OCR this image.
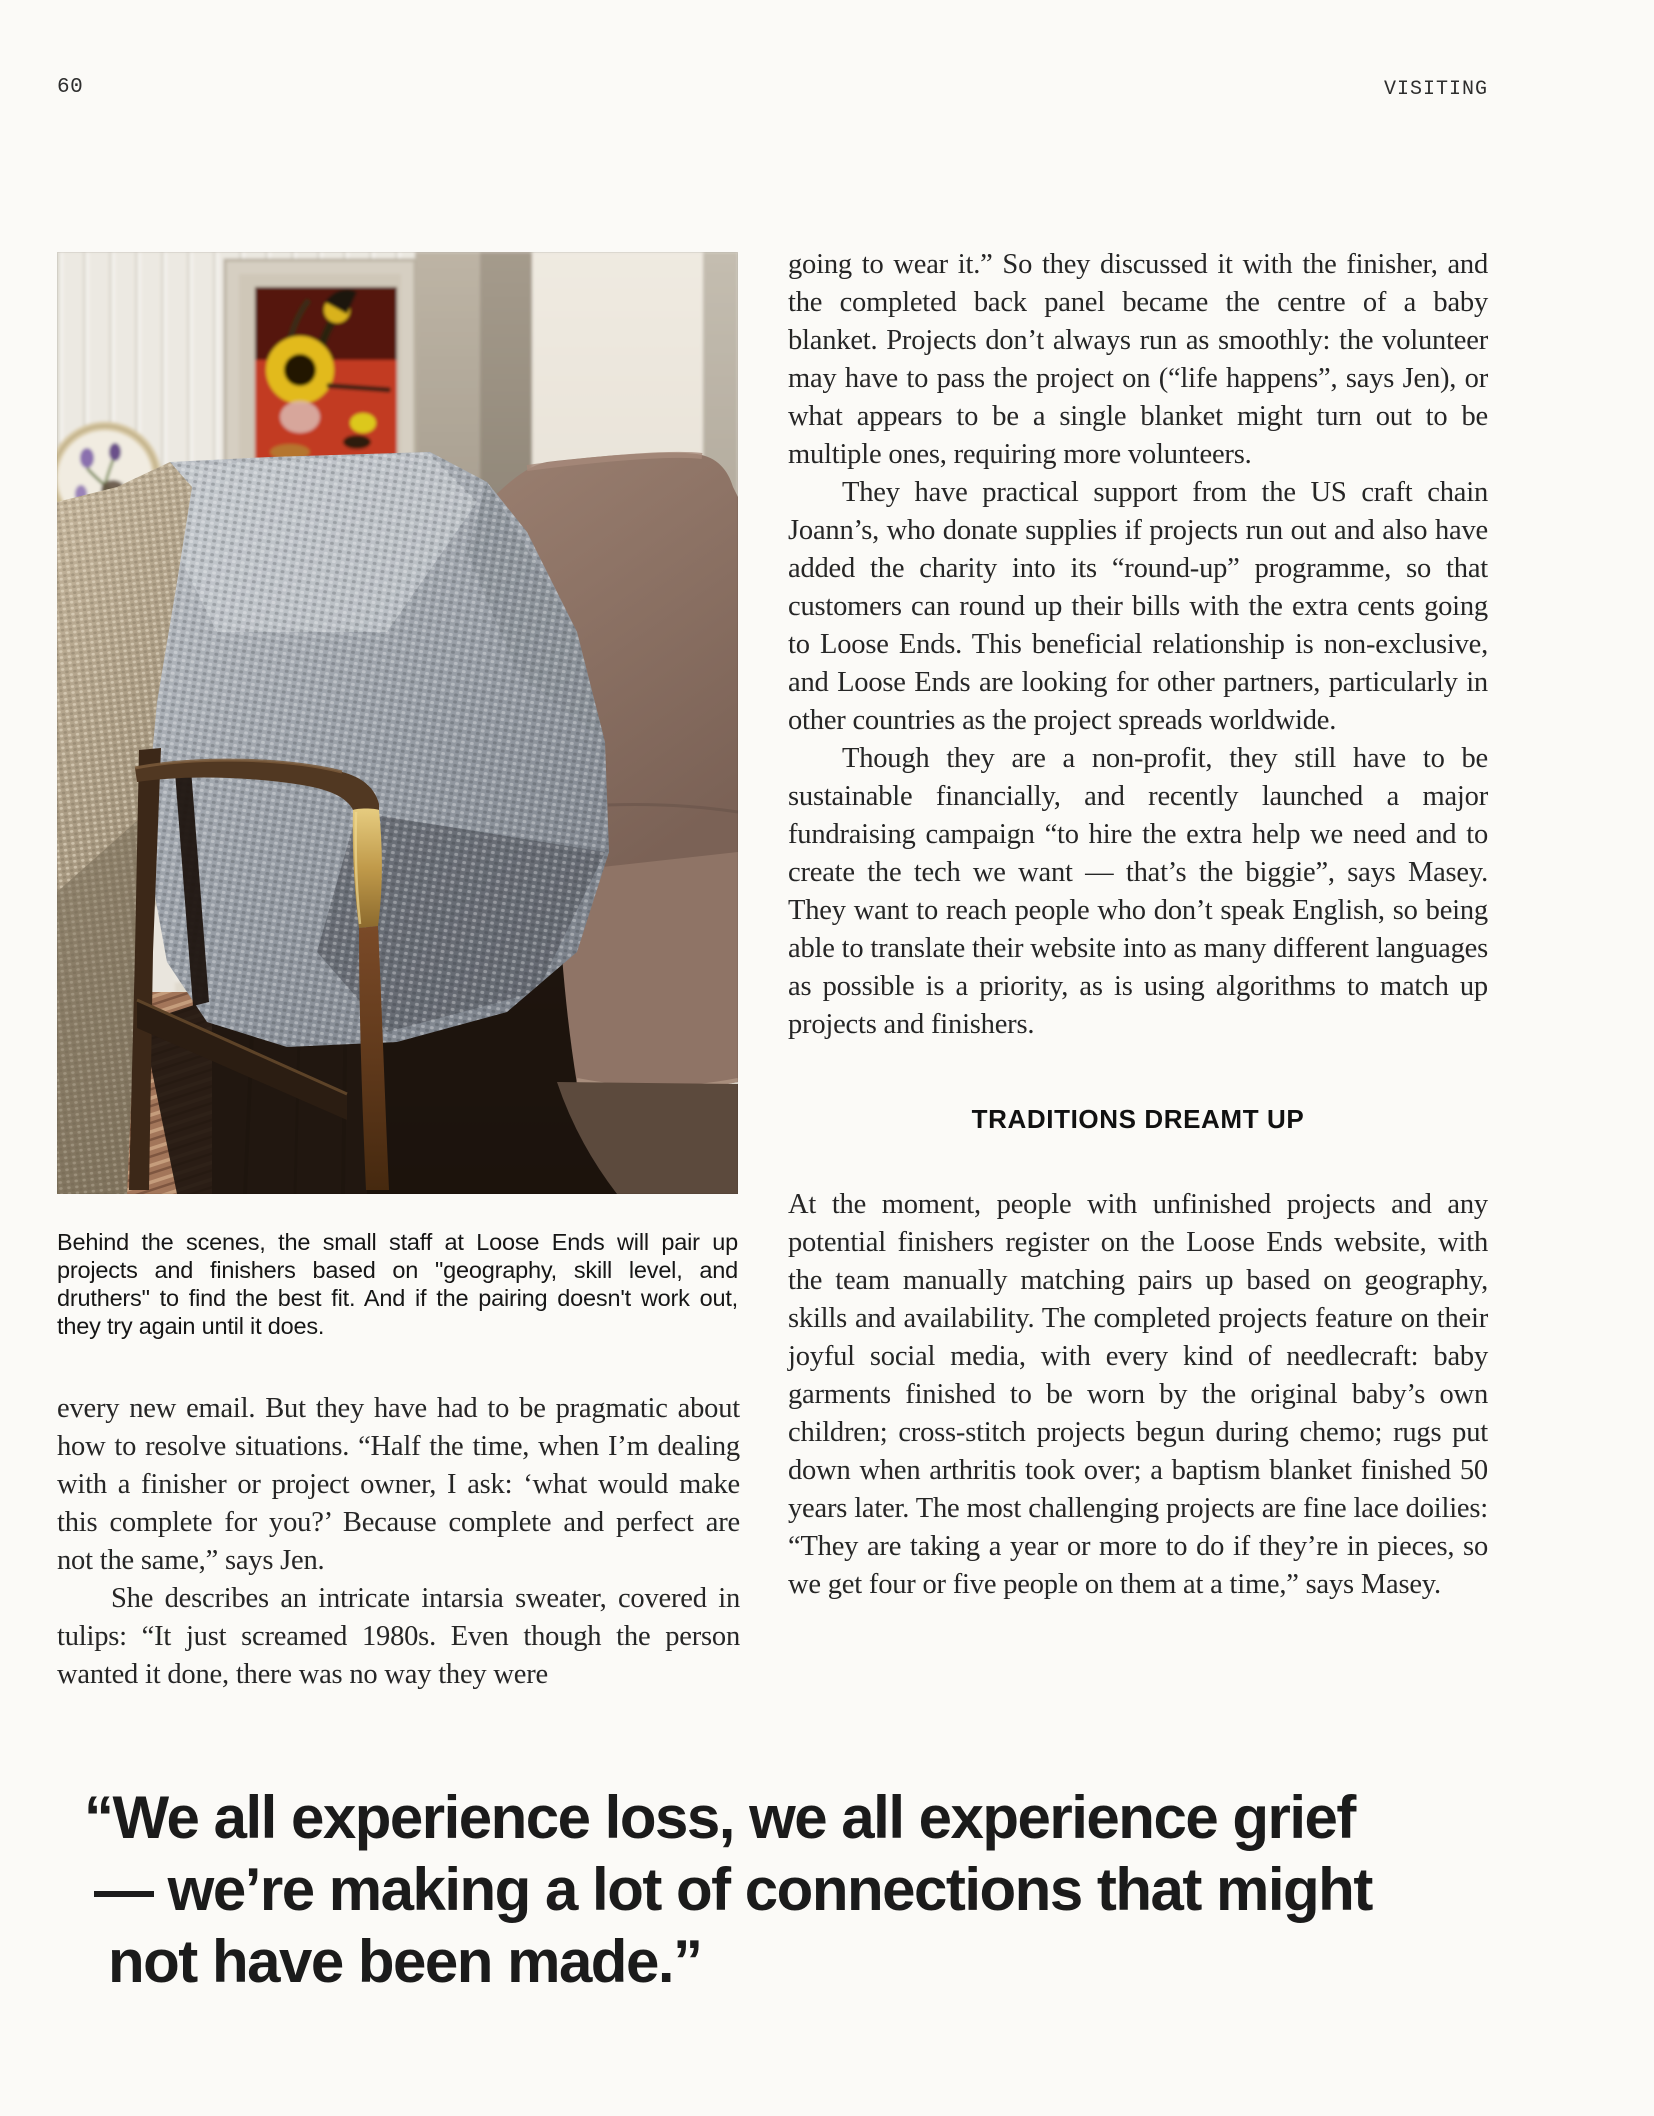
60	VISITING
Behind the scenes, the small staff at Loose Ends will pair up projects and finishers based on "geography, skill level, and druthers" to find the best fit. And if the pairing doesn't work out, they try again until it does.

every new email. But they have had to be pragmatic about how to resolve situations. “Half the time, when I’m dealing with a finisher or project owner, I ask: ‘what would make this complete for you?’ Because complete and perfect are not the same,” says Jen.

She describes an intricate intarsia sweater, covered in tulips: “It just screamed 1980s. Even though the person wanted it done, there was no way they were

going to wear it.” So they discussed it with the finisher, and the completed back panel became the centre of a baby blanket. Projects don’t always run as smoothly: the volunteer may have to pass the project on (“life happens”, says Jen), or what appears to be a single blanket might turn out to be multiple ones, requiring more volunteers.

They have practical support from the US craft chain Joann’s, who donate supplies if projects run out and also have added the charity into its “round-up” programme, so that customers can round up their bills with the extra cents going to Loose Ends. This beneficial relationship is non-exclusive, and Loose Ends are looking for other partners, particularly in other countries as the project spreads worldwide.

Though they are a non-profit, they still have to be sustainable financially, and recently launched a major fundraising campaign “to hire the extra help we need and to create the tech we want — that’s the biggie”, says Masey. They want to reach people who don’t speak English, so being able to translate their website into as many different languages as possible is a priority, as is using algorithms to match up projects and finishers.

TRADITIONS DREAMT UP

At the moment, people with unfinished projects and any potential finishers register on the Loose Ends website, with the team manually matching pairs up based on geography, skills and availability. The completed projects feature on their joyful social media, with every kind of needlecraft: baby garments finished to be worn by the original baby’s own children; cross-stitch projects begun during chemo; rugs put down when arthritis took over; a baptism blanket finished 50 years later. The most challenging projects are fine lace doilies: “They are taking a year or more to do if they’re in pieces, so we get four or five people on them at a time,” says Masey.

“We all experience loss, we all experience grief
— we’re making a lot of connections that might
not have been made.”
